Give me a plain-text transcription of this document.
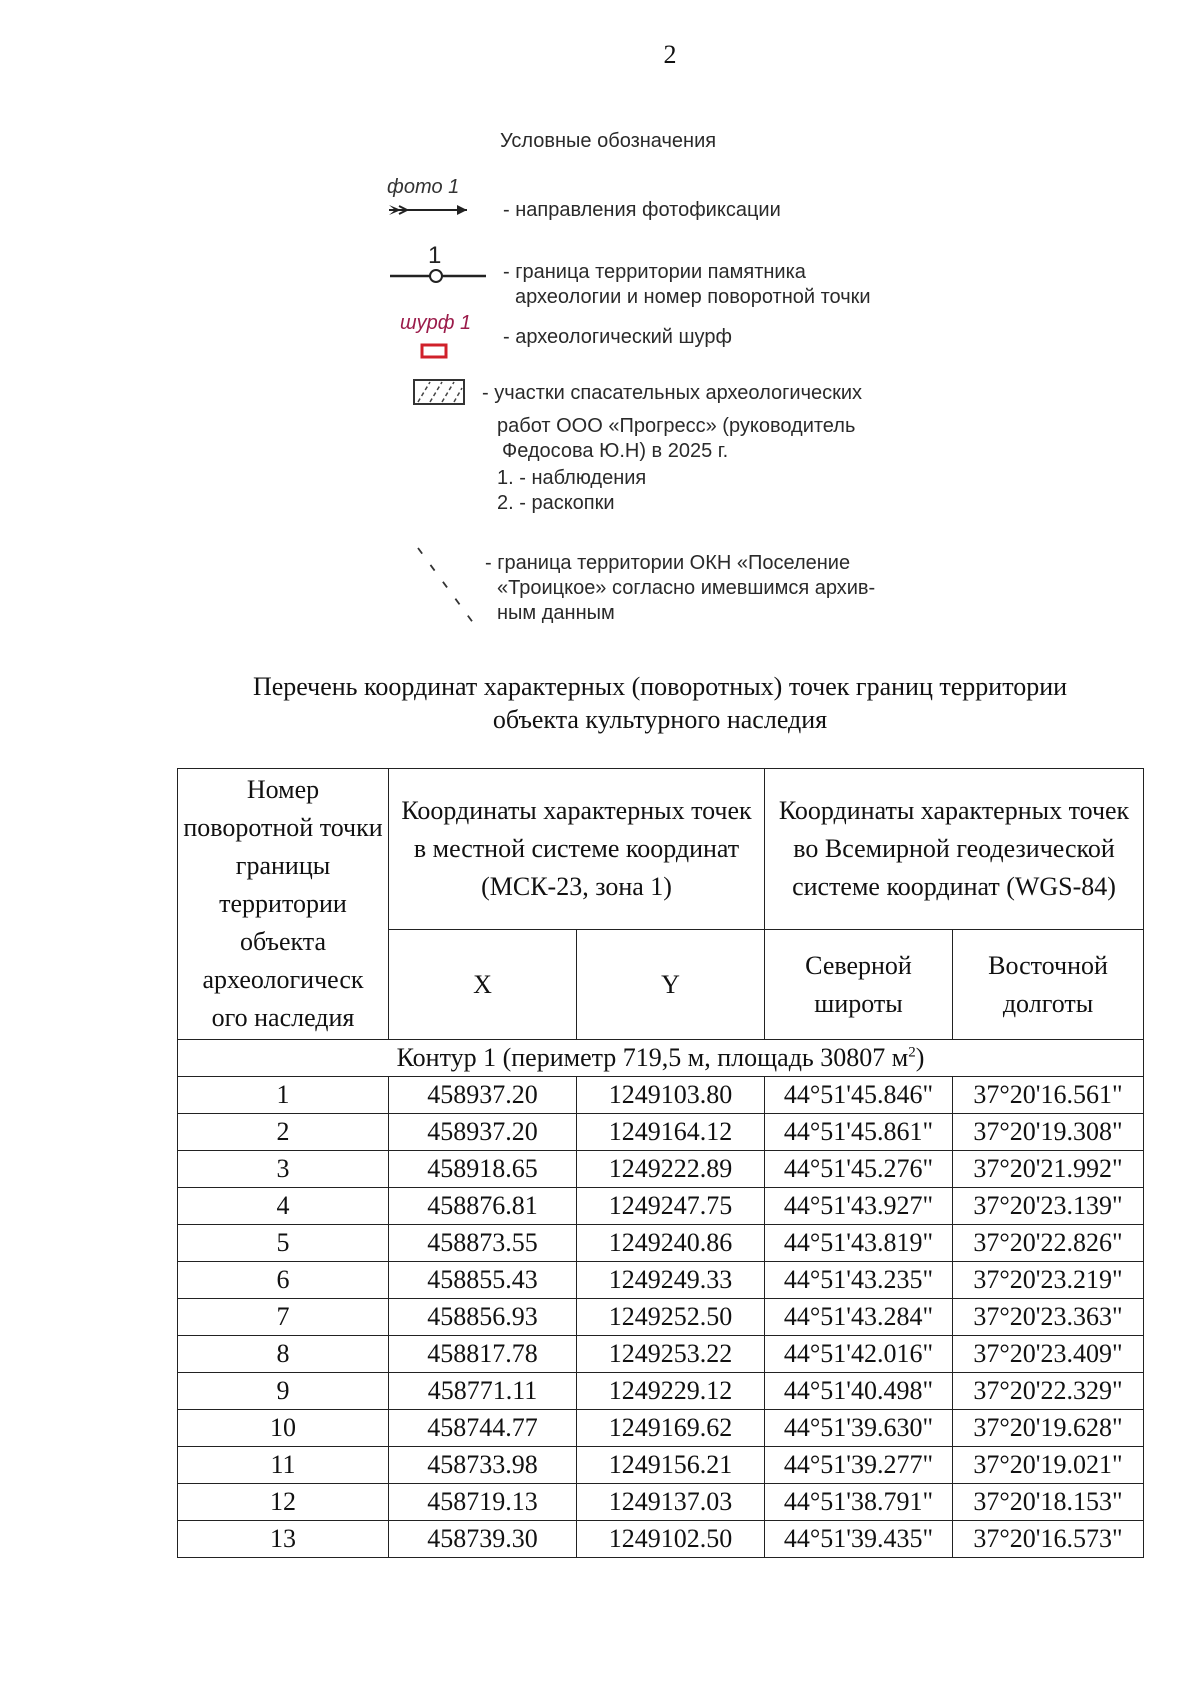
2
Условные обозначения
фото 1
- направления фотофиксации
1
- граница территории памятника
археологии и номер поворотной точки
шурф 1
- археологический шурф
- участки спасательных археологических
работ ООО «Прогресс» (руководитель
Федосова Ю.Н) в 2025 г.
1. - наблюдения
2. - раскопки
- граница территории ОКН «Поселение
«Троицкое» согласно имевшимся архив-
ным данным
Перечень координат характерных (поворотных) точек границ территории
объекта культурного наследия
Номер поворотной точки границы территории объекта археологическ ого наследия	Координаты характерных точек в местной системе координат (МСК-23, зона 1)		Координаты характерных точек во Всемирной геодезической системе координат (WGS-84)	
	X	Y	Северной широты	Восточной долготы
Контур 1 (периметр 719,5 м, площадь 30807 $м^2$)				
1	458937.20	1249103.80	44°51'45.846"	37°20'16.561"
2	458937.20	1249164.12	44°51'45.861"	37°20'19.308"
3	458918.65	1249222.89	44°51'45.276"	37°20'21.992"
4	458876.81	1249247.75	44°51'43.927"	37°20'23.139"
5	458873.55	1249240.86	44°51'43.819"	37°20'22.826"
6	458855.43	1249249.33	44°51'43.235"	37°20'23.219"
7	458856.93	1249252.50	44°51'43.284"	37°20'23.363"
8	458817.78	1249253.22	44°51'42.016"	37°20'23.409"
9	458771.11	1249229.12	44°51'40.498"	37°20'22.329"
10	458744.77	1249169.62	44°51'39.630"	37°20'19.628"
11	458733.98	1249156.21	44°51'39.277"	37°20'19.021"
12	458719.13	1249137.03	44°51'38.791"	37°20'18.153"
13	458739.30	1249102.50	44°51'39.435"	37°20'16.573"
